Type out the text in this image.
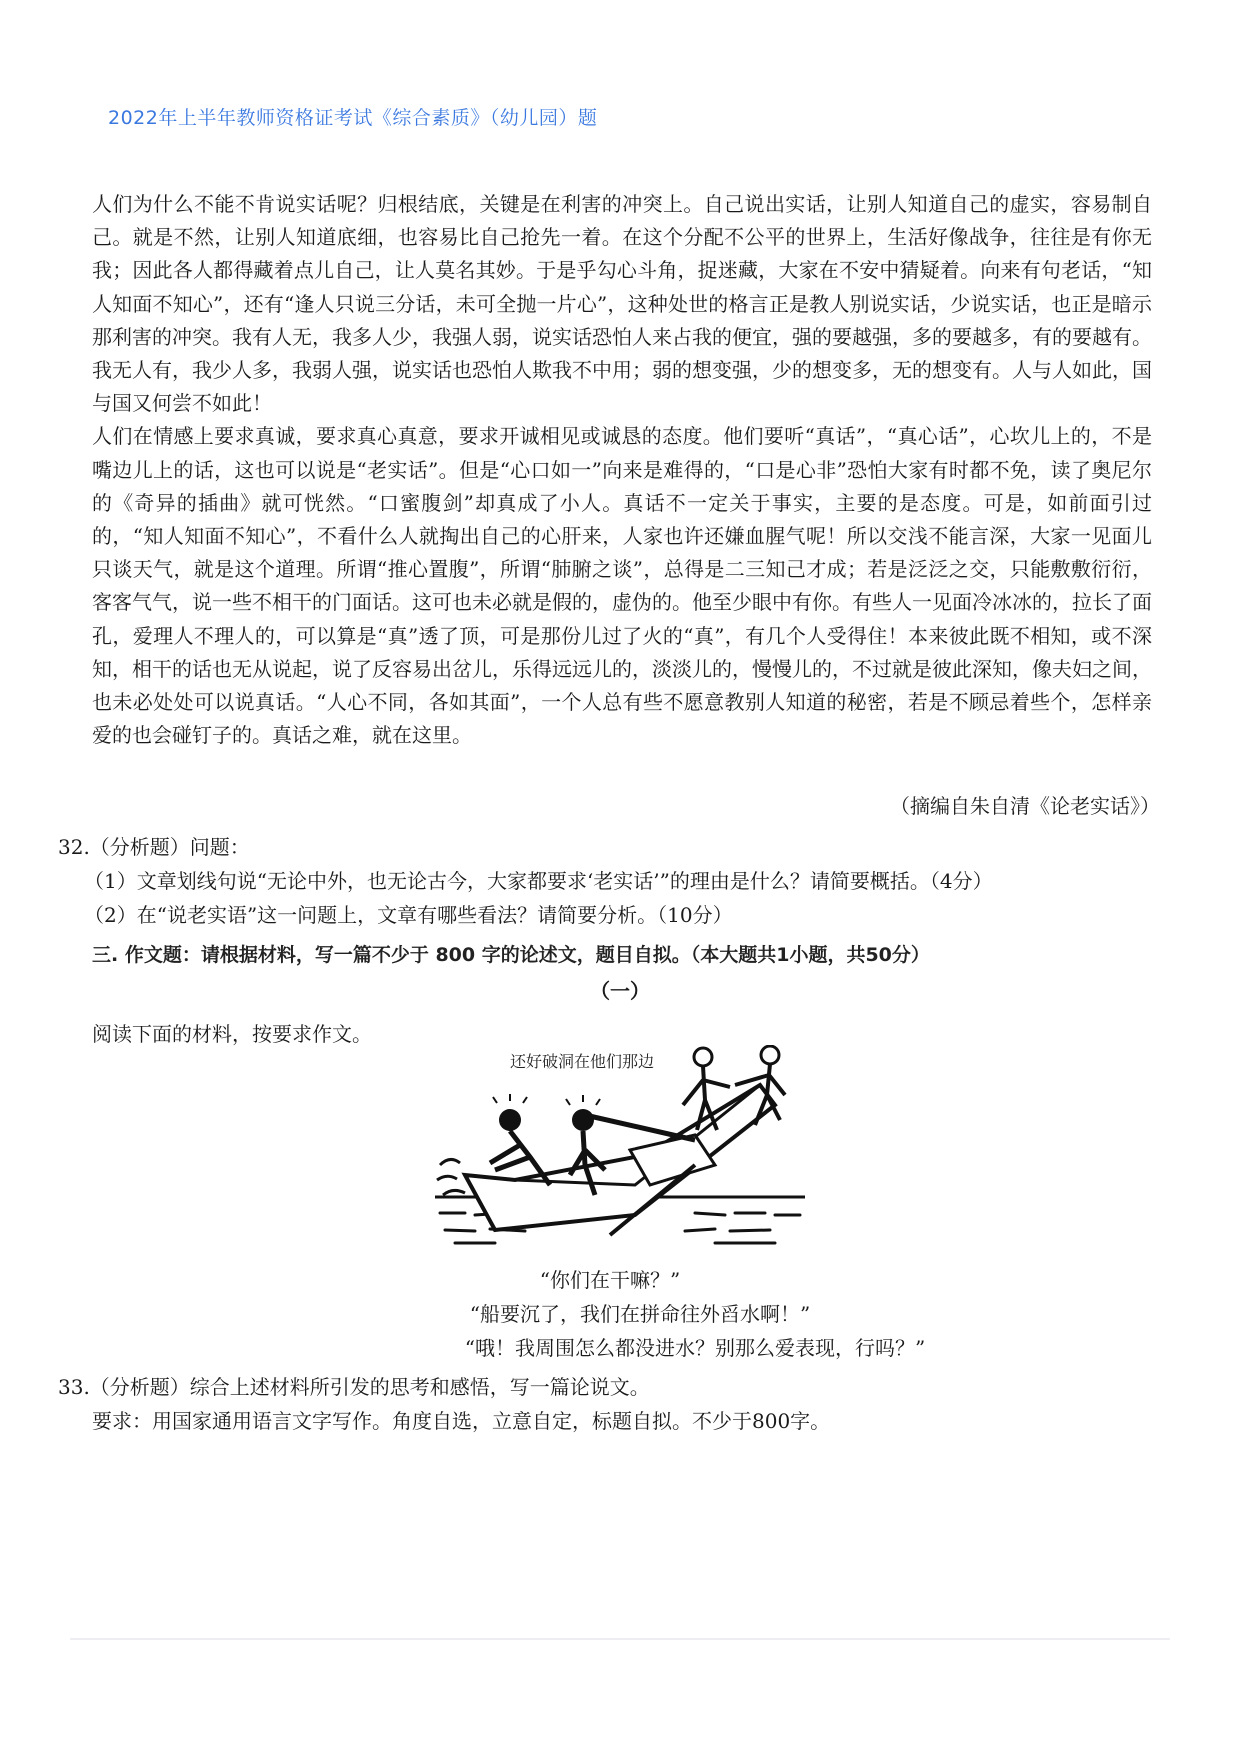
2022年上半年教师资格证考试《综合素质》（幼儿园）题

人们为什么不能不肯说实话呢？归根结底，关键是在利害的冲突上。自己说出实话，让别人知道自己的虚实，容易制自己。就是不然，让别人知道底细，也容易比自己抢先一着。在这个分配不公平的世界上，生活好像战争，往往是有你无我；因此各人都得藏着点儿自己，让人莫名其妙。于是乎勾心斗角，捉迷藏，大家在不安中猜疑着。向来有句老话，“知人知面不知心”，还有“逢人只说三分话，未可全抛一片心”，这种处世的格言正是教人别说实话，少说实话，也正是暗示那利害的冲突。我有人无，我多人少，我强人弱，说实话恐怕人来占我的便宜，强的要越强，多的要越多，有的要越有。我无人有，我少人多，我弱人强，说实话也恐怕人欺我不中用；弱的想变强，少的想变多，无的想变有。人与人如此，国与国又何尝不如此！

人们在情感上要求真诚，要求真心真意，要求开诚相见或诚恳的态度。他们要听“真话”，“真心话”，心坎儿上的，不是嘴边儿上的话，这也可以说是“老实话”。但是“心口如一”向来是难得的，“口是心非”恐怕大家有时都不免，读了奥尼尔的《奇异的插曲》就可恍然。“口蜜腹剑”却真成了小人。真话不一定关于事实，主要的是态度。可是，如前面引过的，“知人知面不知心”，不看什么人就掏出自己的心肝来，人家也许还嫌血腥气呢！所以交浅不能言深，大家一见面儿只谈天气，就是这个道理。所谓“推心置腹”，所谓“肺腑之谈”，总得是二三知己才成；若是泛泛之交，只能敷敷衍衍，客客气气，说一些不相干的门面话。这可也未必就是假的，虚伪的。他至少眼中有你。有些人一见面冷冰冰的，拉长了面孔，爱理人不理人的，可以算是“真”透了顶，可是那份儿过了火的“真”，有几个人受得住！本来彼此既不相知，或不深知，相干的话也无从说起，说了反容易出岔儿，乐得远远儿的，淡淡儿的，慢慢儿的，不过就是彼此深知，像夫妇之间，也未必处处可以说真话。“人心不同，各如其面”，一个人总有些不愿意教别人知道的秘密，若是不顾忌着些个，怎样亲爱的也会碰钉子的。真话之难，就在这里。

（摘编自朱自清《论老实话》）
32.（分析题）问题：
（1）文章划线句说“无论中外，也无论古今，大家都要求‘老实话’”的理由是什么？请简要概括。（4分）
（2）在“说老实语”这一问题上，文章有哪些看法？请简要分析。（10分）
三. 作文题：请根据材料，写一篇不少于 800 字的论述文，题目自拟。（本大题共1小题，共50分）
（一）
阅读下面的材料，按要求作文。
还好破洞在他们那边
“你们在干嘛？”
“船要沉了，我们在拼命往外舀水啊！”
“哦！我周围怎么都没进水？别那么爱表现，行吗？”
33.（分析题）综合上述材料所引发的思考和感悟，写一篇论说文。
要求：用国家通用语言文字写作。角度自选，立意自定，标题自拟。不少于800字。
